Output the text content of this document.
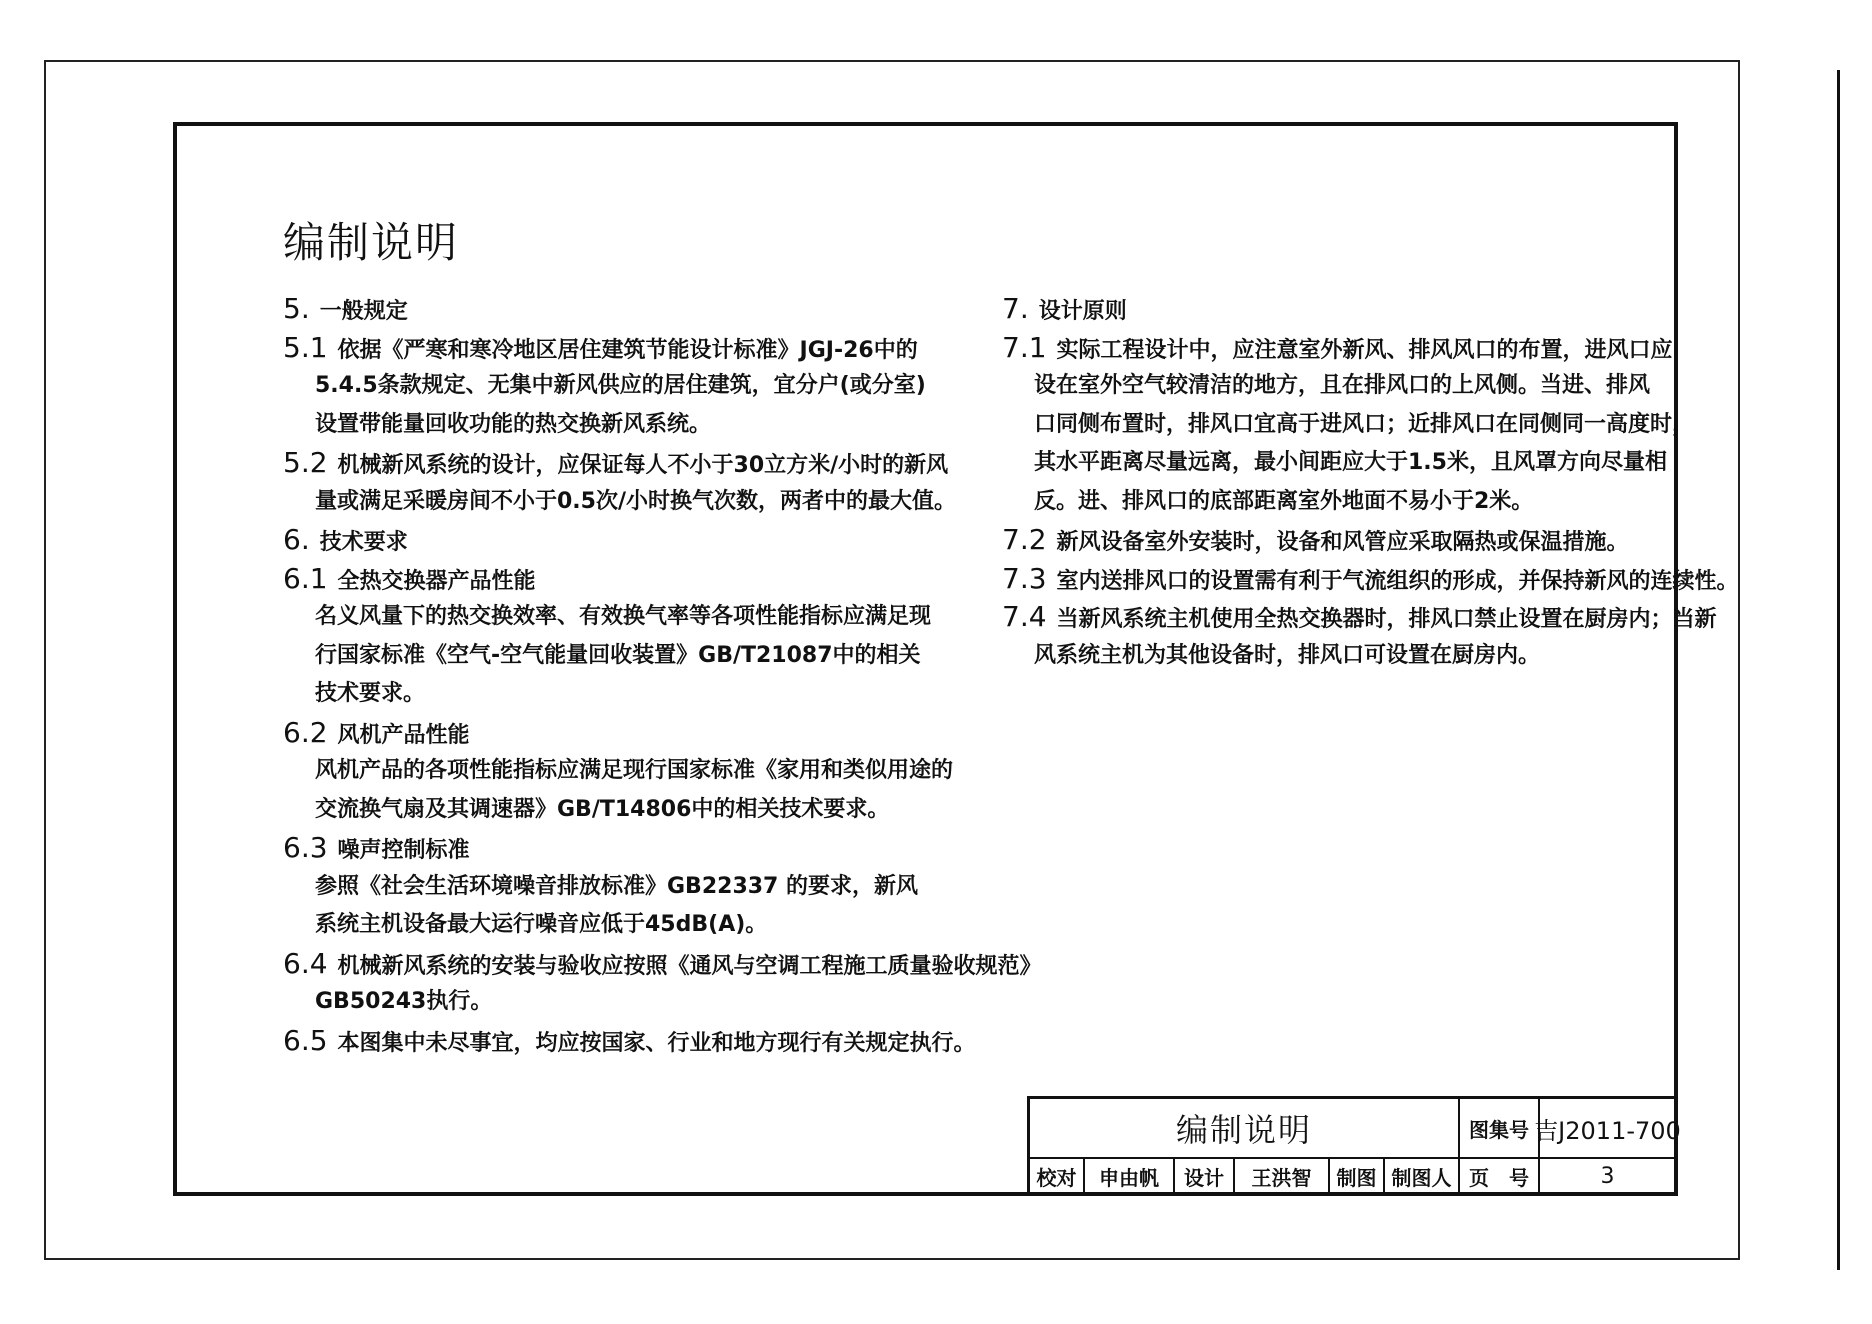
编制说明
5. 一般规定
5.1 依据《严寒和寒冷地区居住建筑节能设计标准》JGJ-26中的
5.4.5条款规定、无集中新风供应的居住建筑，宜分户(或分室)
设置带能量回收功能的热交换新风系统。
5.2 机械新风系统的设计，应保证每人不小于30立方米/小时的新风
量或满足采暖房间不小于0.5次/小时换气次数，两者中的最大值。
6. 技术要求
6.1 全热交换器产品性能
名义风量下的热交换效率、有效换气率等各项性能指标应满足现
行国家标准《空气-空气能量回收装置》GB/T21087中的相关
技术要求。
6.2 风机产品性能
风机产品的各项性能指标应满足现行国家标准《家用和类似用途的
交流换气扇及其调速器》GB/T14806中的相关技术要求。
6.3 噪声控制标准
参照《社会生活环境噪音排放标准》GB22337 的要求，新风
系统主机设备最大运行噪音应低于45dB(A)。
6.4 机械新风系统的安装与验收应按照《通风与空调工程施工质量验收规范》
GB50243执行。
6.5 本图集中未尽事宜，均应按国家、行业和地方现行有关规定执行。
7. 设计原则
7.1 实际工程设计中，应注意室外新风、排风风口的布置，进风口应
设在室外空气较清洁的地方，且在排风口的上风侧。当进、排风
口同侧布置时，排风口宜高于进风口；近排风口在同侧同一高度时，
其水平距离尽量远离，最小间距应大于1.5米，且风罩方向尽量相
反。进、排风口的底部距离室外地面不易小于2米。
7.2 新风设备室外安装时，设备和风管应采取隔热或保温措施。
7.3 室内送排风口的设置需有利于气流组织的形成，并保持新风的连续性。
7.4 当新风系统主机使用全热交换器时，排风口禁止设置在厨房内；当新
风系统主机为其他设备时，排风口可设置在厨房内。
编制说明	图集号 吉J2011-700
校对	申由帆	设计	王洪智	制图 制图人 页　号	3
